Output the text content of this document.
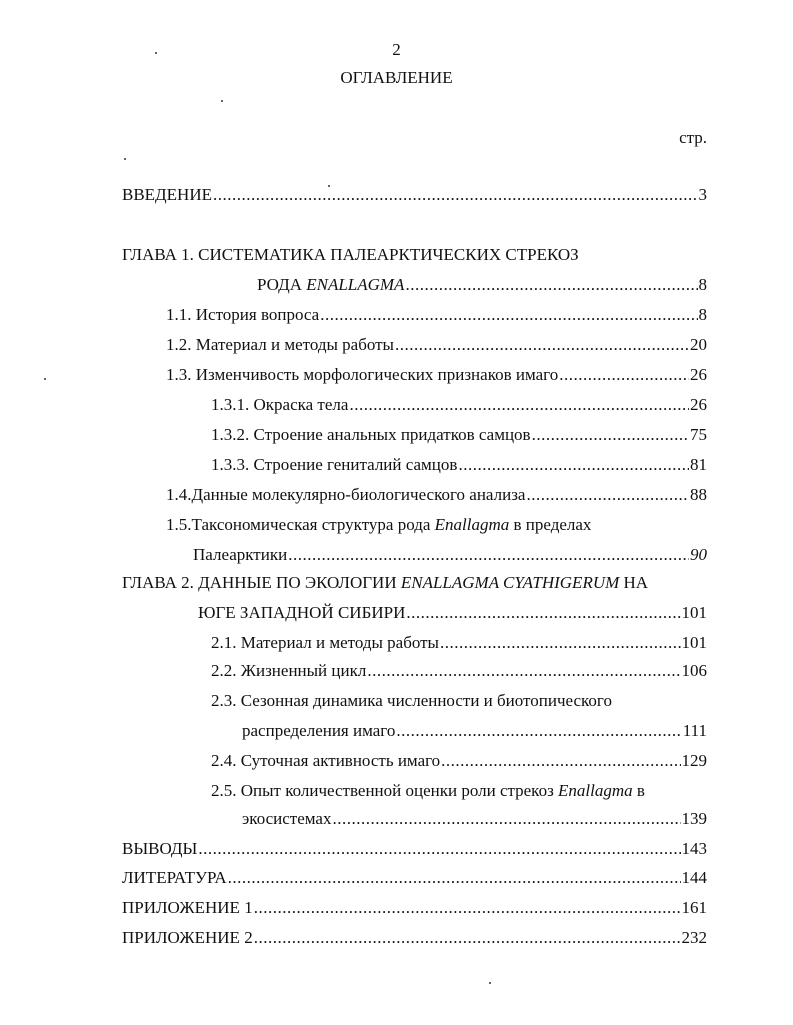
2
ОГЛАВЛЕНИЕ
стр.
ВВЕДЕНИЕ .....	3
ГЛАВА 1. СИСТЕМАТИКА ПАЛЕАРКТИЧЕСКИХ СТРЕКОЗ
РОДА ENALLAGMA .....	8
1.1. История вопроса .....	8
1.2. Материал и методы работы .....	20
1.3. Изменчивость морфологических признаков имаго .....	26
1.3.1. Окраска тела .....	26
1.3.2. Строение анальных придатков самцов .....	75
1.3.3. Строение гениталий самцов .....	81
1.4.Данные молекулярно-биологического анализа .....	88
1.5.Таксономическая структура рода Enallagma в пределах
Палеарктики .....	90
ГЛАВА 2. ДАННЫЕ ПО ЭКОЛОГИИ ENALLAGMA CYATHIGERUM НА
ЮГЕ ЗАПАДНОЙ СИБИРИ .....	101
2.1. Материал и методы работы .....	101
2.2. Жизненный цикл .....	106
2.3. Сезонная динамика численности и биотопического
распределения имаго .....	111
2.4. Суточная активность имаго .....	129
2.5. Опыт количественной оценки роли стрекоз Enallagma в
экосистемах .....	139
ВЫВОДЫ .....	143
ЛИТЕРАТУРА .....	144
ПРИЛОЖЕНИЕ 1 .....	161
ПРИЛОЖЕНИЕ 2 .....	232
